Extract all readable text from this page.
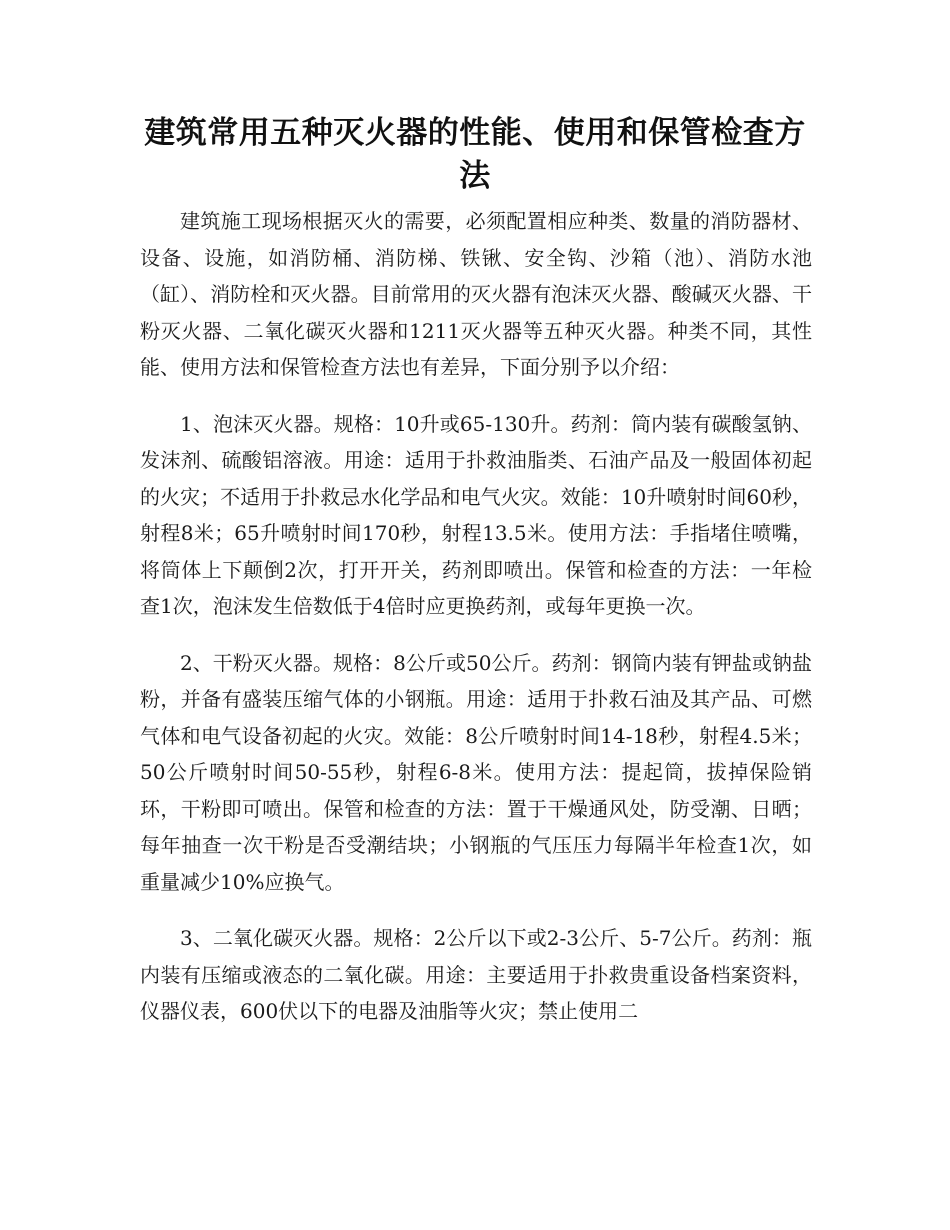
建筑常用五种灭火器的性能、使用和保管检查方法

建筑施工现场根据灭火的需要，必须配置相应种类、数量的消防器材、设备、设施，如消防桶、消防梯、铁锹、安全钩、沙箱（池）、消防水池（缸）、消防栓和灭火器。目前常用的灭火器有泡沫灭火器、酸碱灭火器、干粉灭火器、二氧化碳灭火器和1211灭火器等五种灭火器。种类不同，其性能、使用方法和保管检查方法也有差异，下面分别予以介绍：

1、泡沫灭火器。规格：10升或65-130升。药剂：筒内装有碳酸氢钠、发沫剂、硫酸铝溶液。用途：适用于扑救油脂类、石油产品及一般固体初起的火灾；不适用于扑救忌水化学品和电气火灾。效能：10升喷射时间60秒，射程8米；65升喷射时间170秒，射程13.5米。使用方法：手指堵住喷嘴，将筒体上下颠倒2次，打开开关，药剂即喷出。保管和检查的方法：一年检查1次，泡沫发生倍数低于4倍时应更换药剂，或每年更换一次。

2、干粉灭火器。规格：8公斤或50公斤。药剂：钢筒内装有钾盐或钠盐粉，并备有盛装压缩气体的小钢瓶。用途：适用于扑救石油及其产品、可燃气体和电气设备初起的火灾。效能：8公斤喷射时间14-18秒，射程4.5米；50公斤喷射时间50-55秒，射程6-8米。使用方法：提起筒，拔掉保险销环，干粉即可喷出。保管和检查的方法：置于干燥通风处，防受潮、日晒；每年抽查一次干粉是否受潮结块；小钢瓶的气压压力每隔半年检查1次，如重量减少10%应换气。

3、二氧化碳灭火器。规格：2公斤以下或2-3公斤、5-7公斤。药剂：瓶内装有压缩或液态的二氧化碳。用途：主要适用于扑救贵重设备档案资料，仪器仪表，600伏以下的电器及油脂等火灾；禁止使用二
